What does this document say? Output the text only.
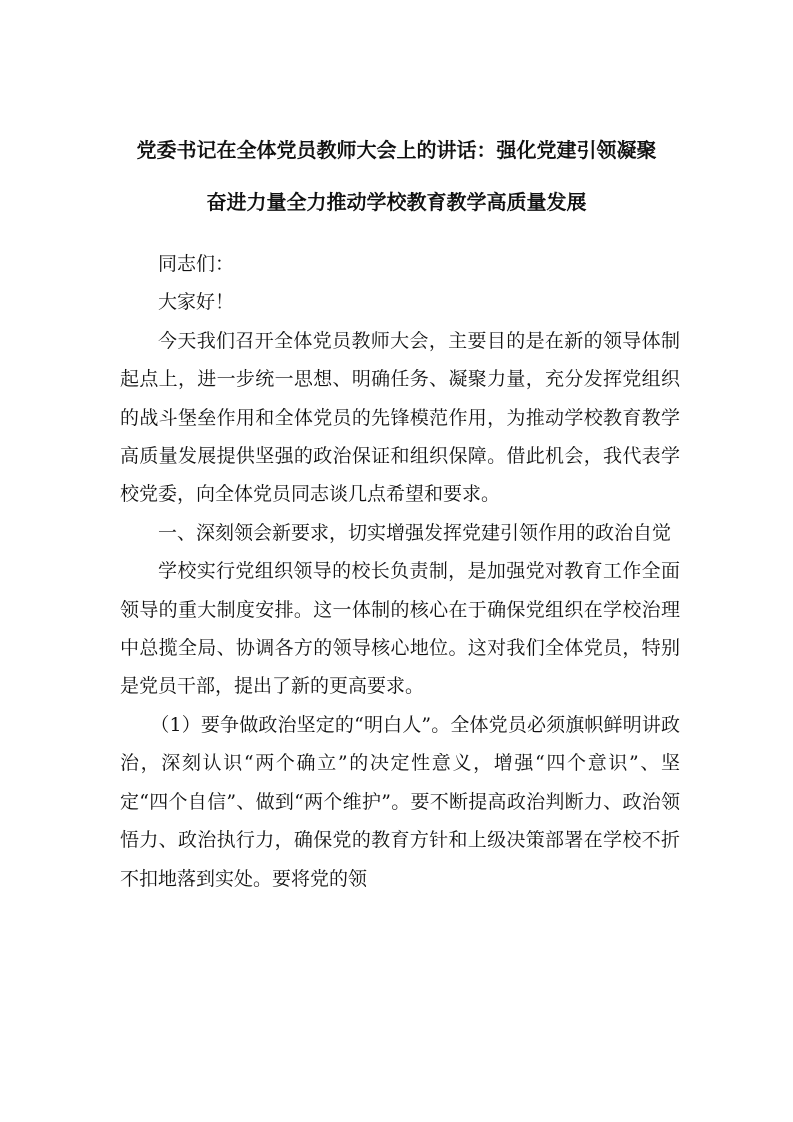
党委书记在全体党员教师大会上的讲话：强化党建引领凝聚
奋进力量全力推动学校教育教学高质量发展

同志们：

大家好！

今天我们召开全体党员教师大会，主要目的是在新的领导体制起点上，进一步统一思想、明确任务、凝聚力量，充分发挥党组织的战斗堡垒作用和全体党员的先锋模范作用，为推动学校教育教学高质量发展提供坚强的政治保证和组织保障。借此机会，我代表学校党委，向全体党员同志谈几点希望和要求。

一、深刻领会新要求，切实增强发挥党建引领作用的政治自觉

学校实行党组织领导的校长负责制，是加强党对教育工作全面领导的重大制度安排。这一体制的核心在于确保党组织在学校治理中总揽全局、协调各方的领导核心地位。这对我们全体党员，特别是党员干部，提出了新的更高要求。

（1）要争做政治坚定的“明白人”。全体党员必须旗帜鲜明讲政治，深刻认识“两个确立”的决定性意义，增强“四个意识”、坚定“四个自信”、做到“两个维护”。要不断提高政治判断力、政治领悟力、政治执行力，确保党的教育方针和上级决策部署在学校不折不扣地落到实处。要将党的领
